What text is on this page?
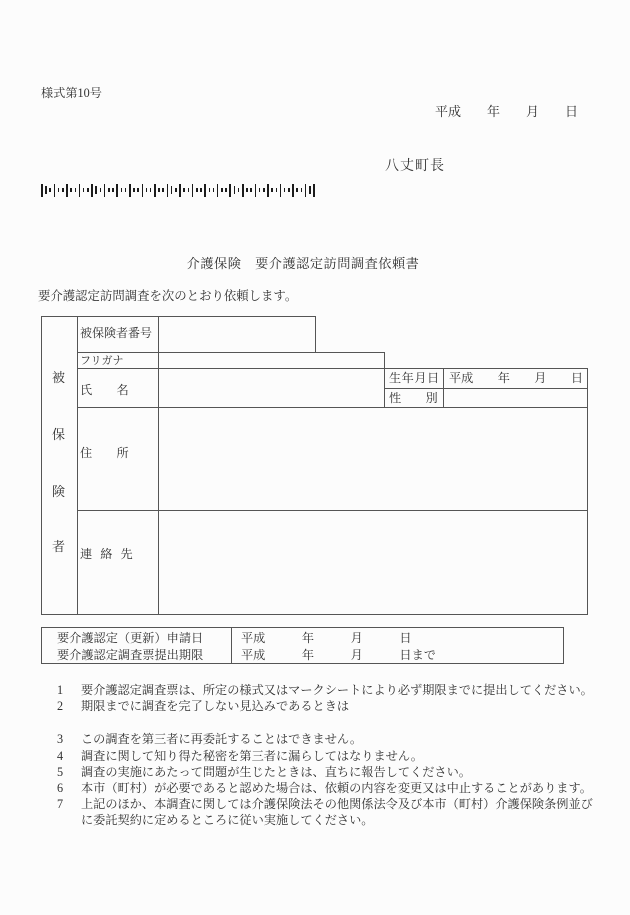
様式第10号
平成　　年　　月　　日
八丈町長
介護保険　要介護認定訪問調査依頼書
要介護認定訪問調査を次のとおり依頼します。
被
保
険
者
被保険者番号
フリガナ
氏　　名
生年月日 平成　　年　　月　　日
性　　別
住　　所
連 絡 先
要介護認定（更新）申請日	平成　　　年　　　月　　　日
要介護認定調査票提出期限	平成　　　年　　　月　　　日まで
1	要介護認定調査票は、所定の様式又はマークシートにより必ず期限までに提出してください。
2	期限までに調査を完了しない見込みであるときは
3	この調査を第三者に再委託することはできません。
4	調査に関して知り得た秘密を第三者に漏らしてはなりません。
5	調査の実施にあたって問題が生じたときは、直ちに報告してください。
6	本市（町村）が必要であると認めた場合は、依頼の内容を変更又は中止することがあります。
7	上記のほか、本調査に関しては介護保険法その他関係法令及び本市（町村）介護保険条例並びに委託契約に定めるところに従い実施してください。
